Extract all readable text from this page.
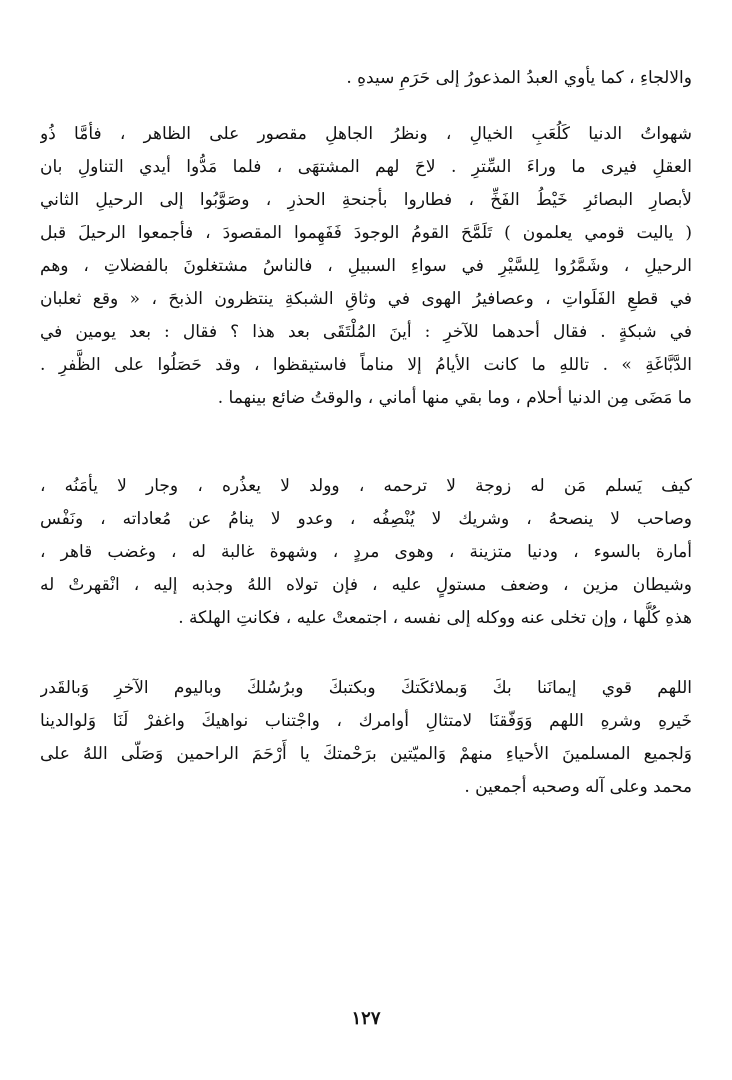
والالجاءِ ، كما يأوي العبدُ المذعورُ إلى حَرَمِ سيدهِ .
شهواتُ الدنيا كَلُعَبِ الخيالِ ، ونظرُ الجاهلِ مقصور على الظاهر ، فأمَّا ذُو
العقلِ فيرى ما وراءَ السِّترِ . لاحَ لهم المشتهَى ، فلما مَدُّوا أيدي التناولِ بان
لأبصارِ البصائرِ خَيْطُ الفَخِّ ، فطاروا بأجنحةِ الحذرِ ، وصَوَّبُوا إلى الرحيلِ الثاني
( ياليت قومي يعلمون ) تَلَمَّحَ القومُ الوجودَ فَفَهِموا المقصودَ ، فأجمعوا الرحيلَ قبل
الرحيلِ ، وشَمَّرُوا لِلسَّيْرِ في سواءِ السبيلِ ، فالناسُ مشتغلونَ بالفضلاتِ ، وهم
في قطعِ الفَلَواتِ ، وعصافيرُ الهوى في وثاقِ الشبكةِ ينتظرون الذبحَ ، « وقع ثعلبان
في شبكةٍ . فقال أحدهما للآخرِ : أينَ المُلْتَقَى بعد هذا ؟ فقال : بعد يومين في
الدَّبَّاغَةِ » . تاللهِ ما كانت الأيامُ إلا مناماً فاستيقظوا ، وقد حَصَلُوا على الظَّفرِ .
ما مَضَى مِن الدنيا أحلام ، وما بقي منها أماني ، والوقتُ ضائع بينهما .
كيف يَسلم مَن له زوجة لا ترحمه ، وولد لا يعذُره ، وجار لا يأمَنُه ،
وصاحب لا ينصحهُ ، وشريك لا يُنْصِفُه ، وعدو لا ينامُ عن مُعاداته ، ونَفْس
أمارة بالسوء ، ودنيا متزينة ، وهوى مردٍ ، وشهوة غالبة له ، وغضب قاهر ،
وشيطان مزين ، وضعف مستولٍ عليه ، فإن تولاه اللهُ وجذبه إليه ، انْقهرتْ له
هذهِ كُلُّها ، وإن تخلى عنه ووكله إلى نفسه ، اجتمعتْ عليه ، فكانتِ الهلكة .
اللهم قوي إيمانَنا بكَ وَبملائكَتكَ وبكتبكَ وبرُسُلكَ وباليوم الآخرِ وَبالقَدر
خَيرهِ وشرهِ اللهم وَوَفّقنَا لامتثالِ أوامرك ، واجْتناب نواهيكَ واغفرْ لَنَا وَلوالدينا
وَلجميع المسلمينَ الأحياءِ منهمْ وَالميّتين برَحْمتكَ يا أَرْحَمَ الراحمين وَصَلّى اللهُ على
محمد وعلى آله وصحبه أجمعين .
١٢٧
